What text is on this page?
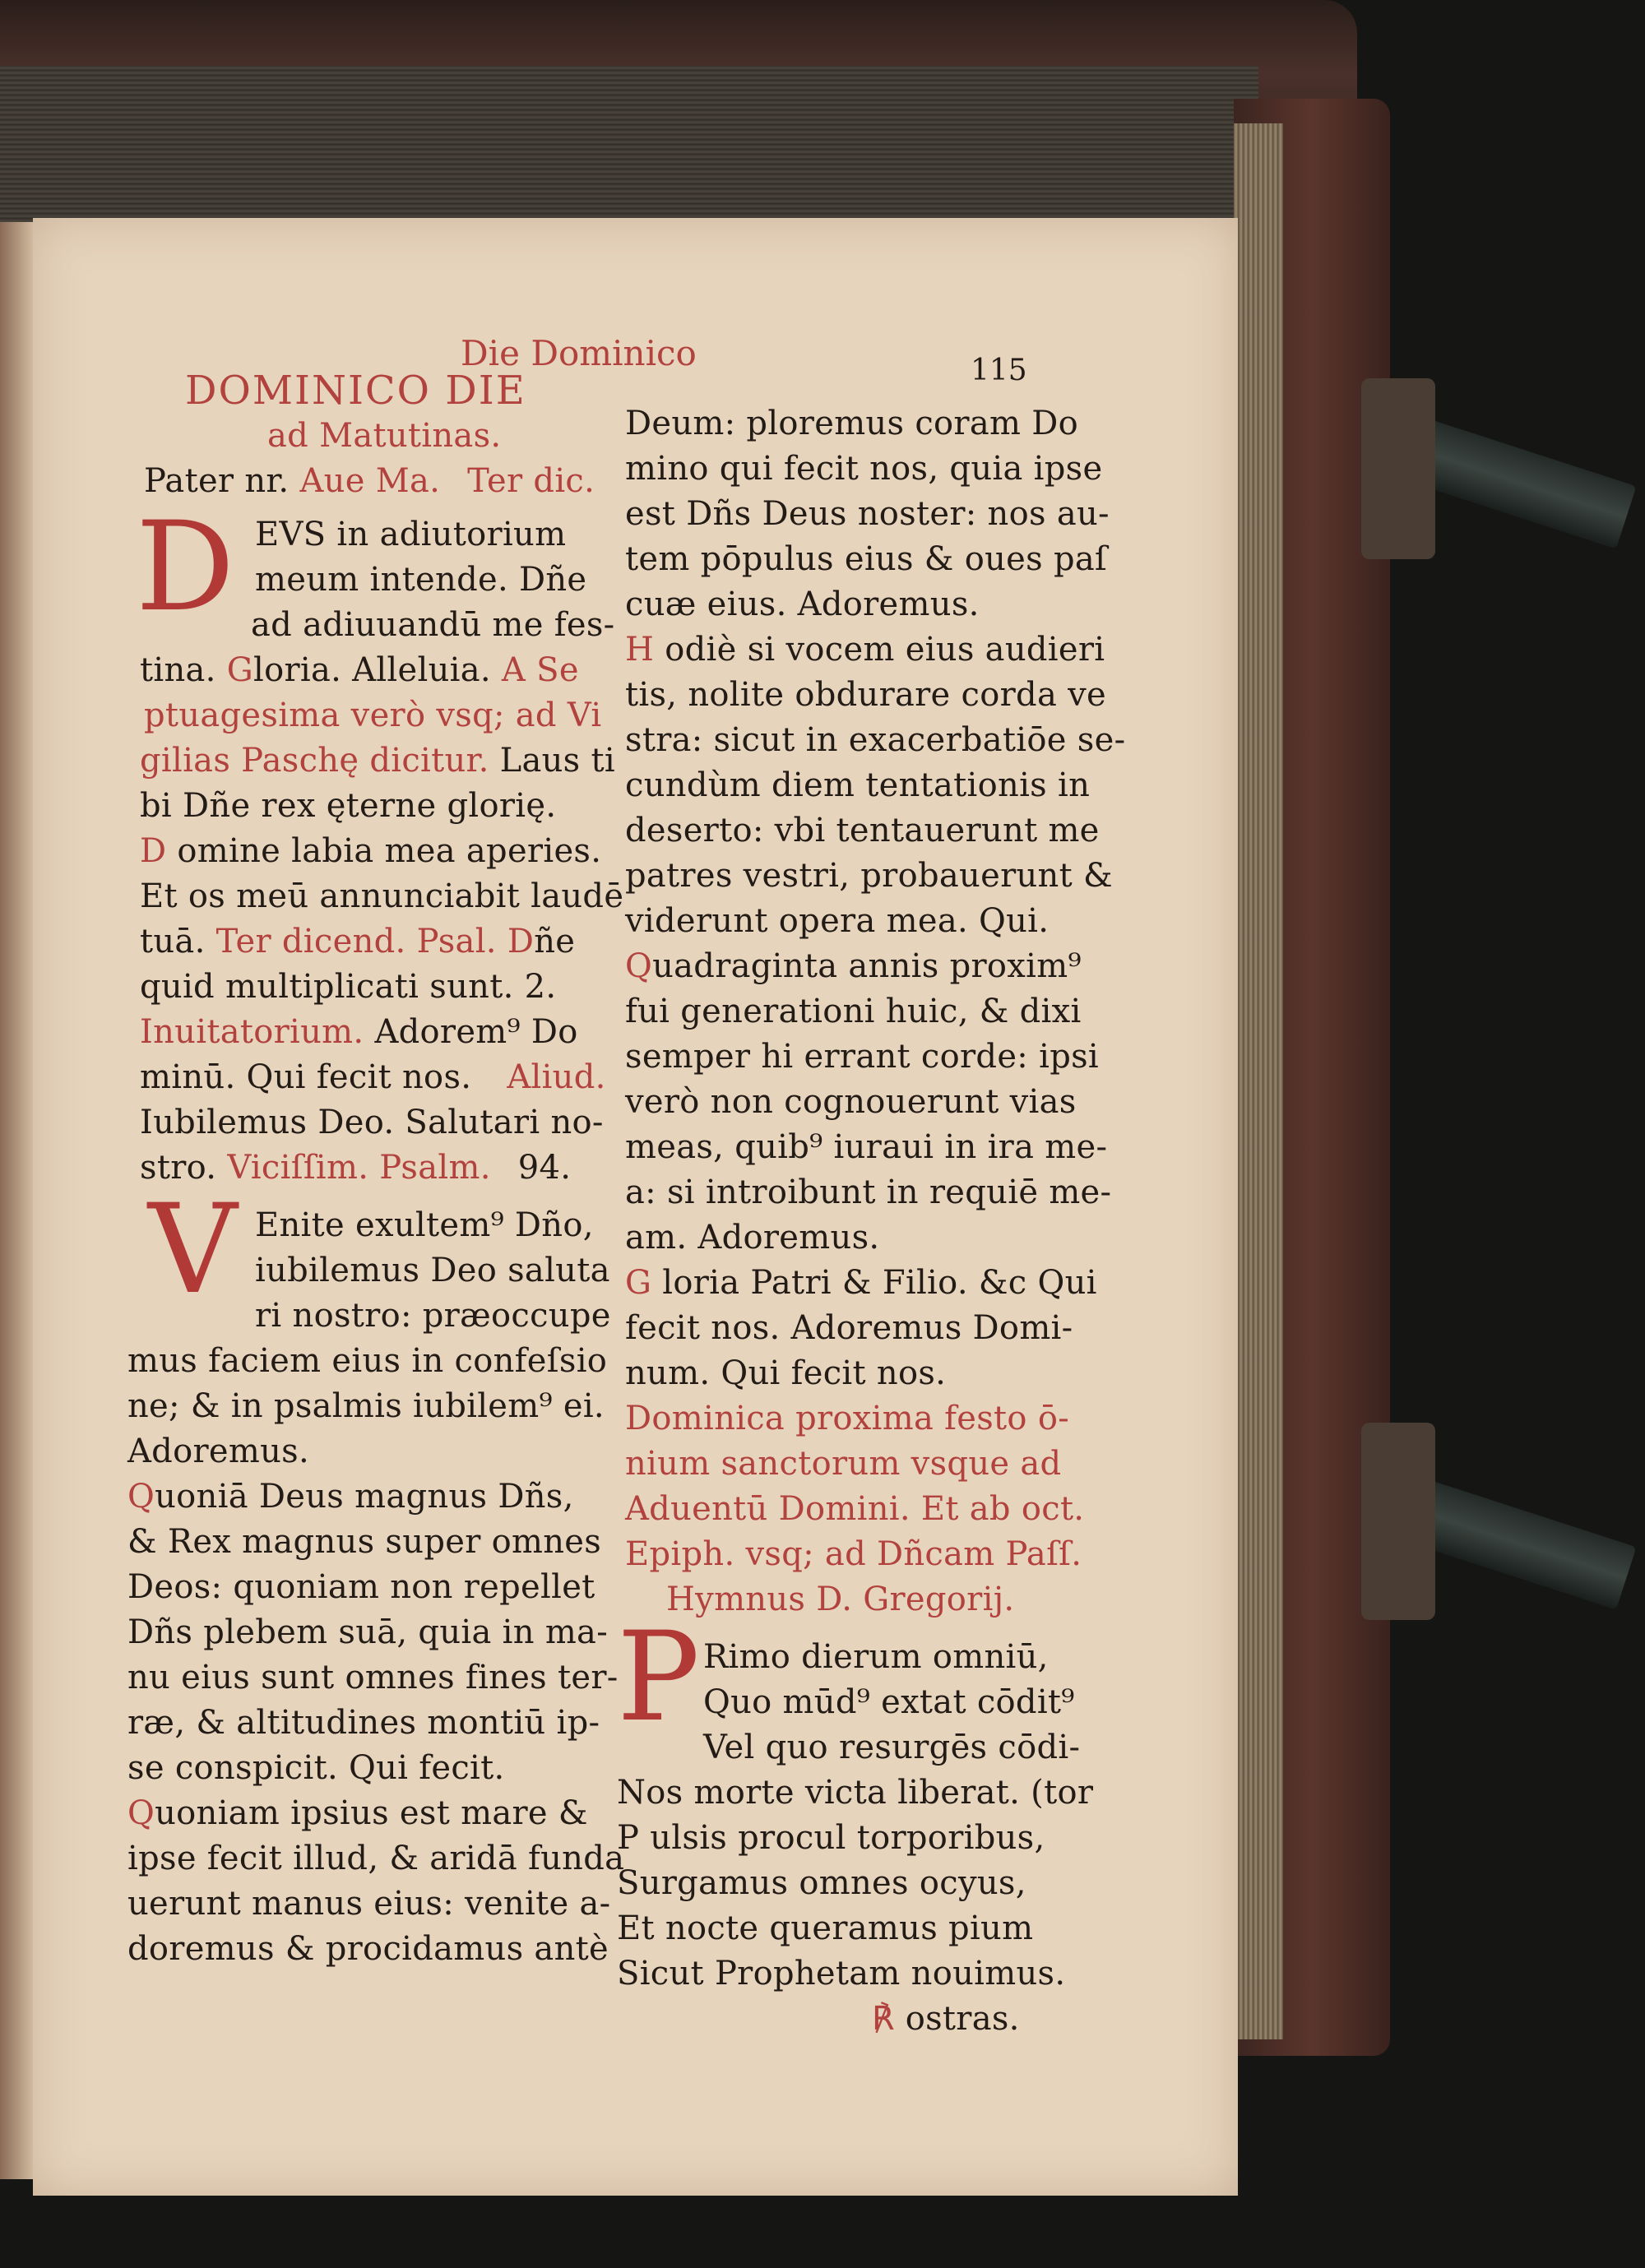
Die Dominico	115
DOMINICO DIE
ad Matutinas.
Pater nr. Aue Ma. Ter dic.
D EVS in adiutorium
meum intende. Dñe
ad adiuuandū me fes-
tina. Gloria. Alleluia. A Se
ptuagesima verò vsq; ad Vi
gilias Paschę dicitur. Laus ti
bi Dñe rex ęterne glorię.
D omine labia mea aperies.
Et os meū annunciabit laudē
tuā. Ter dicend. Psal. Dñe
quid multiplicati sunt. 2.
Inuitatorium. Adorem⁹ Do
minū. Qui fecit nos. Aliud.
Iubilemus Deo. Salutari no-
stro. Viciſſim. Psalm. 94.
V Enite exultem⁹ Dño,
iubilemus Deo saluta
ri nostro: præoccupe
mus faciem eius in confeſsio
ne; & in psalmis iubilem⁹ ei.
Adoremus.
Quoniā Deus magnus Dñs,
& Rex magnus super omnes
Deos: quoniam non repellet
Dñs plebem suā, quia in ma-
nu eius sunt omnes fines ter-
ræ, & altitudines montiū ip-
se conspicit. Qui fecit.
Quoniam ipsius est mare &
ipse fecit illud, & aridā funda
uerunt manus eius: venite a-
doremus & procidamus antè
Deum: ploremus coram Do
mino qui fecit nos, quia ipse
est Dñs Deus noster: nos au-
tem pōpulus eius & oues paſ
cuæ eius. Adoremus.
H odiè si vocem eius audieri
tis, nolite obdurare corda ve
stra: sicut in exacerbatiōe se-
cundùm diem tentationis in
deserto: vbi tentauerunt me
patres vestri, probauerunt &
viderunt opera mea. Qui.
Quadraginta annis proxim⁹
fui generationi huic, & dixi
semper hi errant corde: ipsi
verò non cognouerunt vias
meas, quib⁹ iuraui in ira me-
a: si introibunt in requiē me-
am. Adoremus.
G loria Patri & Filio. &c Qui
fecit nos. Adoremus Domi-
num. Qui fecit nos.
Dominica proxima festo ō-
nium sanctorum vsque ad
Aduentū Domini. Et ab oct.
Epiph. vsq; ad Dñcam Paſſ.
Hymnus D. Gregorij.
P Rimo dierum omniū,
Quo mūd⁹ extat cōdit⁹
Vel quo resurgēs cōdi-
Nos morte victa liberat. (tor
P ulsis procul torporibus,
Surgamus omnes ocyus,
Et nocte queramus pium
Sicut Prophetam nouimus.
℟ ostras.
